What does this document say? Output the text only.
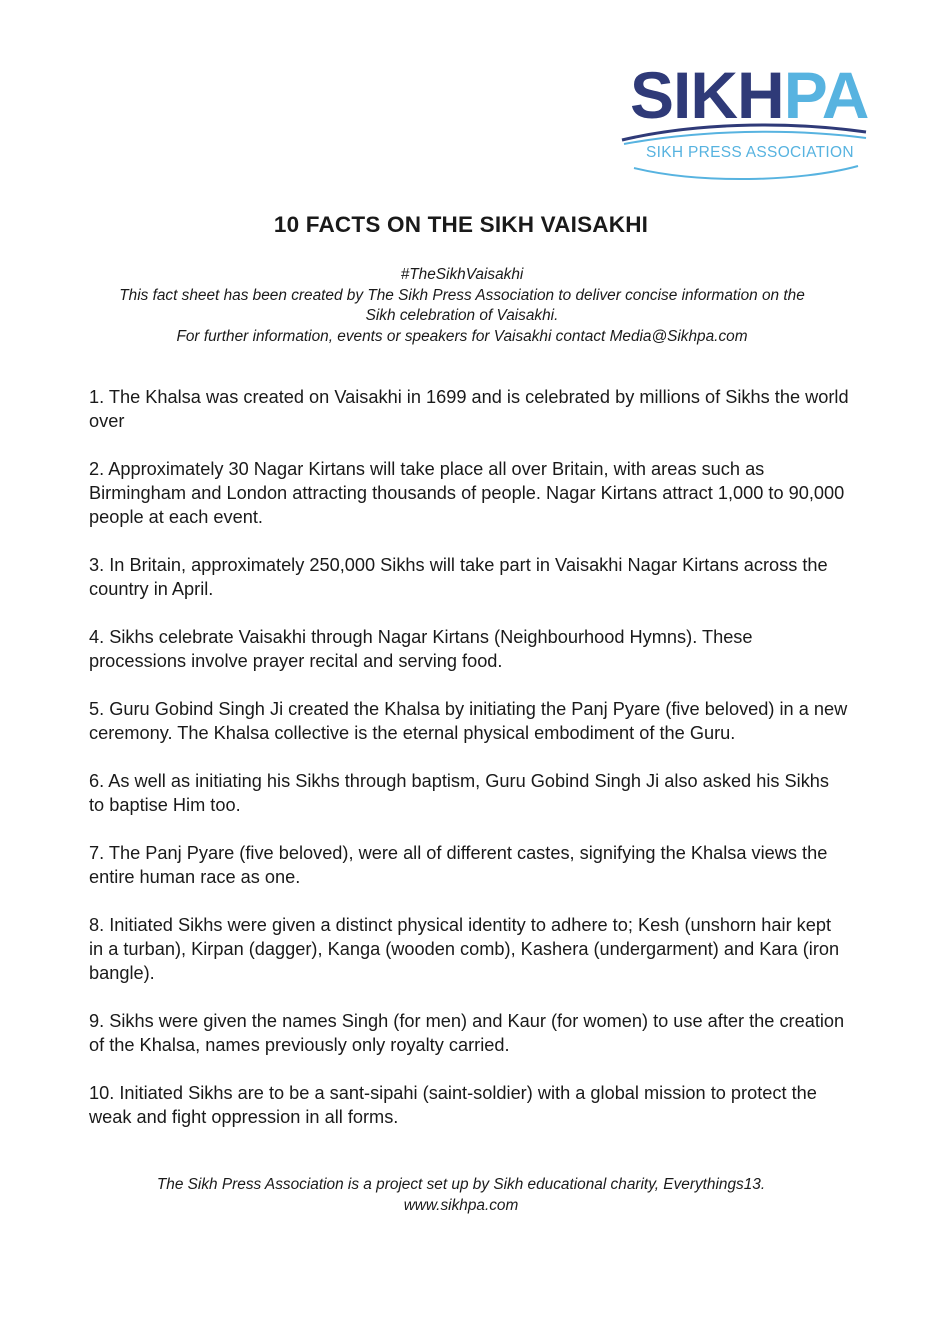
SIKHPA
SIKH PRESS ASSOCIATION
10 FACTS ON THE SIKH VAISAKHI
#TheSikhVaisakhi
This fact sheet has been created by The Sikh Press Association to deliver concise information on the
Sikh celebration of Vaisakhi.
For further information, events or speakers for Vaisakhi contact Media@Sikhpa.com

1. The Khalsa was created on Vaisakhi in 1699 and is celebrated by millions of Sikhs the world over

2. Approximately 30 Nagar Kirtans will take place all over Britain, with areas such as Birmingham and London attracting thousands of people. Nagar Kirtans attract 1,000 to 90,000 people at each event.

3. In Britain, approximately 250,000 Sikhs will take part in Vaisakhi Nagar Kirtans across the country in April.

4. Sikhs celebrate Vaisakhi through Nagar Kirtans (Neighbourhood Hymns). These processions involve prayer recital and serving food.

5. Guru Gobind Singh Ji created the Khalsa by initiating the Panj Pyare (five beloved) in a new ceremony. The Khalsa collective is the eternal physical embodiment of the Guru.

6. As well as initiating his Sikhs through baptism, Guru Gobind Singh Ji also asked his Sikhs to baptise Him too.

7. The Panj Pyare (five beloved), were all of different castes, signifying the Khalsa views the entire human race as one.

8. Initiated Sikhs were given a distinct physical identity to adhere to; Kesh (unshorn hair kept in a turban), Kirpan (dagger), Kanga (wooden comb), Kashera (undergarment) and Kara (iron bangle).

9. Sikhs were given the names Singh (for men) and Kaur (for women) to use after the creation of the Khalsa, names previously only royalty carried.

10. Initiated Sikhs are to be a sant-sipahi (saint-soldier) with a global mission to protect the weak and fight oppression in all forms.

The Sikh Press Association is a project set up by Sikh educational charity, Everythings13.
www.sikhpa.com
